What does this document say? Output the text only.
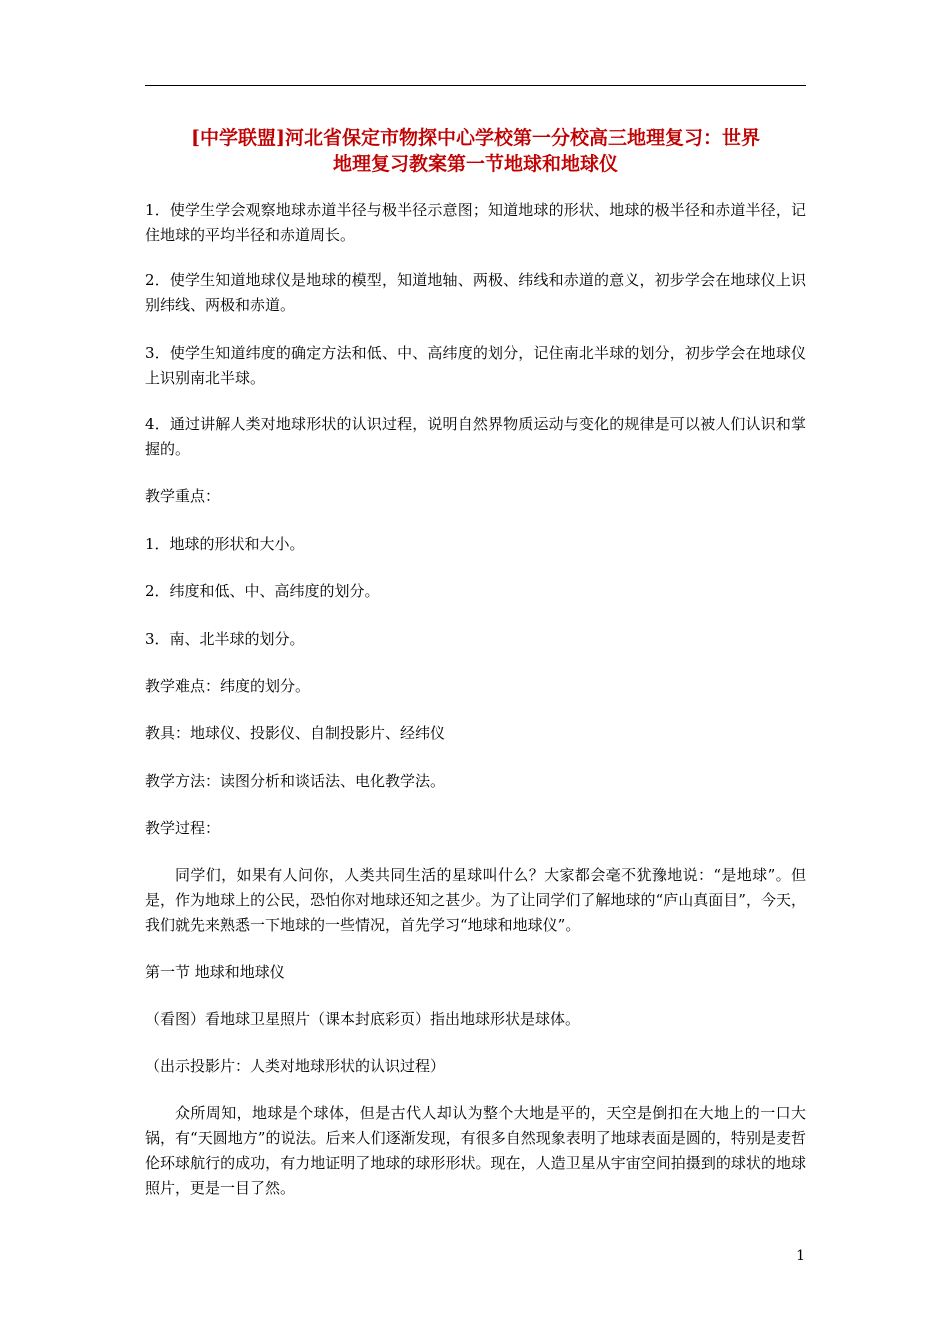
[中学联盟]河北省保定市物探中心学校第一分校高三地理复习：世界
地理复习教案第一节地球和地球仪

1．使学生学会观察地球赤道半径与极半径示意图；知道地球的形状、地球的极半径和赤道半径，记住地球的平均半径和赤道周长。

2．使学生知道地球仪是地球的模型，知道地轴、两极、纬线和赤道的意义，初步学会在地球仪上识别纬线、两极和赤道。

3．使学生知道纬度的确定方法和低、中、高纬度的划分，记住南北半球的划分，初步学会在地球仪上识别南北半球。

4．通过讲解人类对地球形状的认识过程，说明自然界物质运动与变化的规律是可以被人们认识和掌握的。

教学重点：

1．地球的形状和大小。

2．纬度和低、中、高纬度的划分。

3．南、北半球的划分。

教学难点：纬度的划分。

教具：地球仪、投影仪、自制投影片、经纬仪

教学方法：读图分析和谈话法、电化教学法。

教学过程：

同学们，如果有人问你，人类共同生活的星球叫什么？大家都会毫不犹豫地说：“是地球”。但是，作为地球上的公民，恐怕你对地球还知之甚少。为了让同学们了解地球的“庐山真面目”，今天，我们就先来熟悉一下地球的一些情况，首先学习“地球和地球仪”。

第一节 地球和地球仪

（看图）看地球卫星照片（课本封底彩页）指出地球形状是球体。

（出示投影片：人类对地球形状的认识过程）

众所周知，地球是个球体，但是古代人却认为整个大地是平的，天空是倒扣在大地上的一口大锅，有“天圆地方”的说法。后来人们逐渐发现，有很多自然现象表明了地球表面是圆的，特别是麦哲伦环球航行的成功，有力地证明了地球的球形形状。现在，人造卫星从宇宙空间拍摄到的球状的地球照片，更是一目了然。

1
